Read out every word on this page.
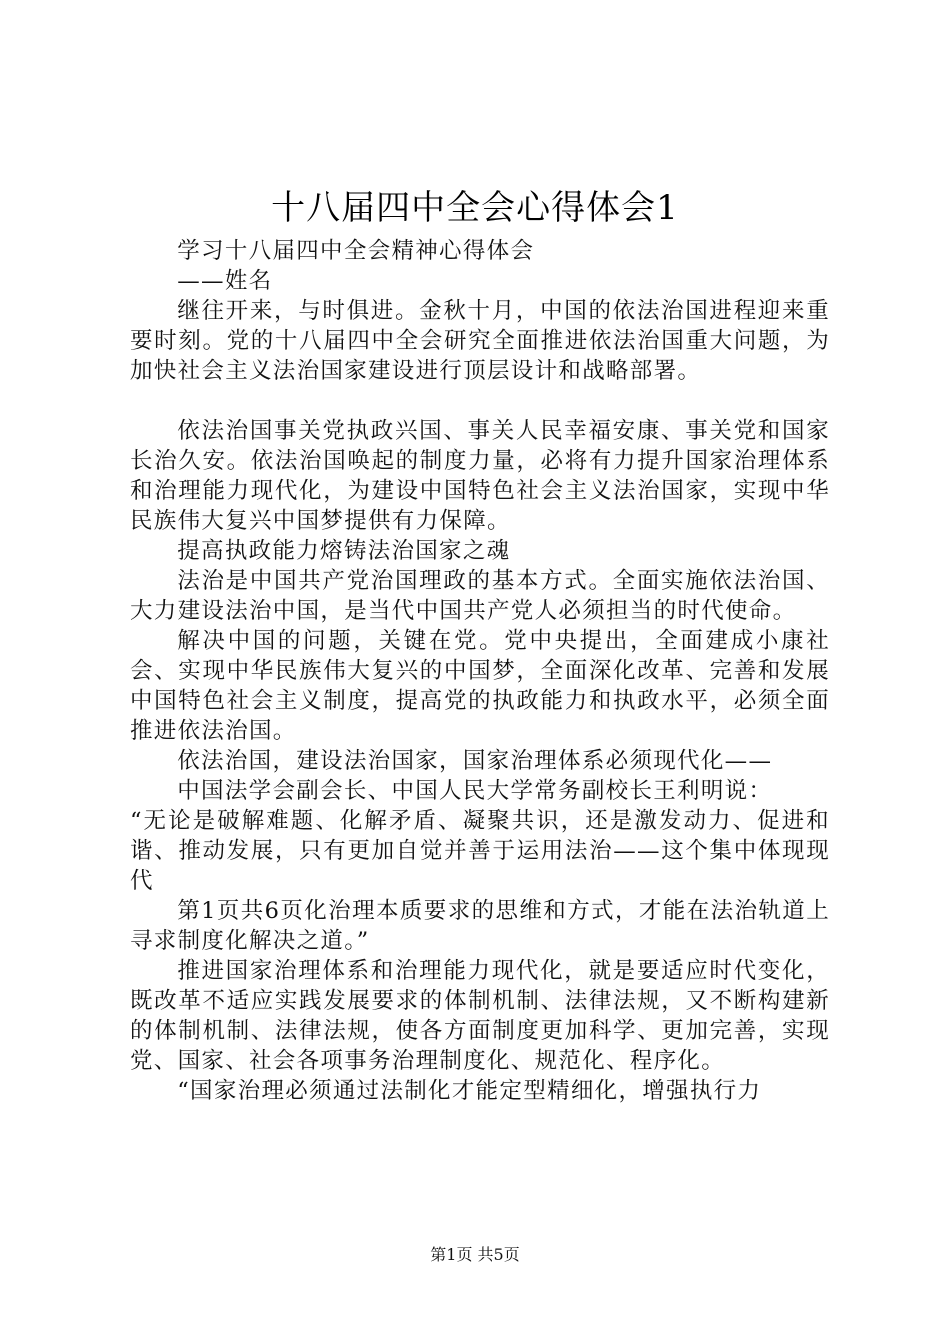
十八届四中全会心得体会1

学习十八届四中全会精神心得体会

——姓名

继往开来，与时俱进。金秋十月，中国的依法治国进程迎来重要时刻。党的十八届四中全会研究全面推进依法治国重大问题，为加快社会主义法治国家建设进行顶层设计和战略部署。

依法治国事关党执政兴国、事关人民幸福安康、事关党和国家长治久安。依法治国唤起的制度力量，必将有力提升国家治理体系和治理能力现代化，为建设中国特色社会主义法治国家，实现中华民族伟大复兴中国梦提供有力保障。

提高执政能力熔铸法治国家之魂

法治是中国共产党治国理政的基本方式。全面实施依法治国、大力建设法治中国，是当代中国共产党人必须担当的时代使命。

解决中国的问题，关键在党。党中央提出，全面建成小康社会、实现中华民族伟大复兴的中国梦，全面深化改革、完善和发展中国特色社会主义制度，提高党的执政能力和执政水平，必须全面推进依法治国。

依法治国，建设法治国家，国家治理体系必须现代化——

中国法学会副会长、中国人民大学常务副校长王利明说：

“无论是破解难题、化解矛盾、凝聚共识，还是激发动力、促进和谐、推动发展，只有更加自觉并善于运用法治——这个集中体现现代

第1页共6页化治理本质要求的思维和方式，才能在法治轨道上寻求制度化解决之道。”

推进国家治理体系和治理能力现代化，就是要适应时代变化，既改革不适应实践发展要求的体制机制、法律法规，又不断构建新的体制机制、法律法规，使各方面制度更加科学、更加完善，实现党、国家、社会各项事务治理制度化、规范化、程序化。

“国家治理必须通过法制化才能定型精细化，增强执行力

第1页 共5页
